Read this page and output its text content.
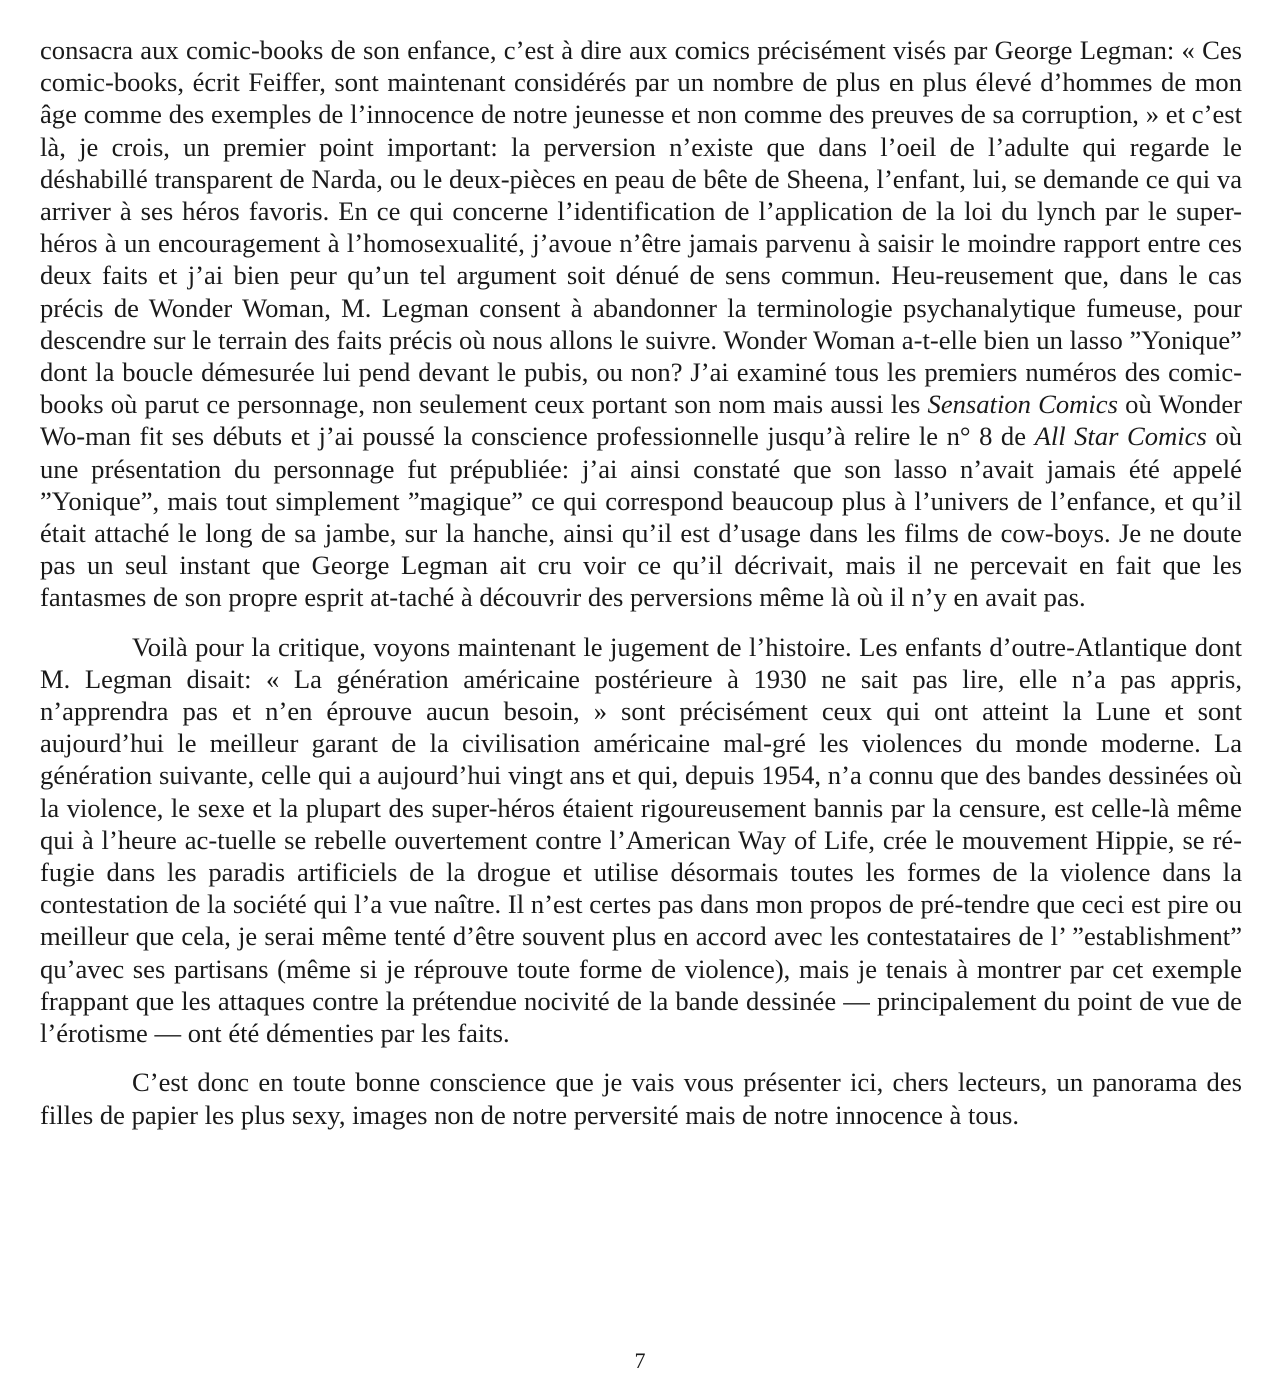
consacra aux comic-books de son enfance, c’est à dire aux comics précisément visés par George Legman: « Ces comic-books, écrit Feiffer, sont maintenant considérés par un nombre de plus en plus élevé d’hommes de mon âge comme des exemples de l’innocence de notre jeunesse et non comme des preuves de sa corruption, » et c’est là, je crois, un premier point important: la perversion n’existe que dans l’oeil de l’adulte qui regarde le déshabillé transparent de Narda, ou le deux-pièces en peau de bête de Sheena, l’enfant, lui, se demande ce qui va arriver à ses héros favoris. En ce qui concerne l’identification de l’application de la loi du lynch par le super-héros à un encouragement à l’homosexualité, j’avoue n’être jamais parvenu à saisir le moindre rapport entre ces deux faits et j’ai bien peur qu’un tel argument soit dénué de sens commun. Heu-reusement que, dans le cas précis de Wonder Woman, M. Legman consent à abandonner la terminologie psychanalytique fumeuse, pour descendre sur le terrain des faits précis où nous allons le suivre. Wonder Woman a-t-elle bien un lasso ”Yonique” dont la boucle démesurée lui pend devant le pubis, ou non? J’ai examiné tous les premiers numéros des comic-books où parut ce personnage, non seulement ceux portant son nom mais aussi les Sensation Comics où Wonder Wo-man fit ses débuts et j’ai poussé la conscience professionnelle jusqu’à relire le n° 8 de All Star Comics où une présentation du personnage fut prépubliée: j’ai ainsi constaté que son lasso n’avait jamais été appelé ”Yonique”, mais tout simplement ”magique” ce qui correspond beaucoup plus à l’univers de l’enfance, et qu’il était attaché le long de sa jambe, sur la hanche, ainsi qu’il est d’usage dans les films de cow-boys. Je ne doute pas un seul instant que George Legman ait cru voir ce qu’il décrivait, mais il ne percevait en fait que les fantasmes de son propre esprit at-taché à découvrir des perversions même là où il n’y en avait pas.

Voilà pour la critique, voyons maintenant le jugement de l’histoire. Les enfants d’outre-Atlantique dont M. Legman disait: « La génération américaine postérieure à 1930 ne sait pas lire, elle n’a pas appris, n’apprendra pas et n’en éprouve aucun besoin, » sont précisément ceux qui ont atteint la Lune et sont aujourd’hui le meilleur garant de la civilisation américaine mal-gré les violences du monde moderne. La génération suivante, celle qui a aujourd’hui vingt ans et qui, depuis 1954, n’a connu que des bandes dessinées où la violence, le sexe et la plupart des super-héros étaient rigoureusement bannis par la censure, est celle-là même qui à l’heure ac-tuelle se rebelle ouvertement contre l’American Way of Life, crée le mouvement Hippie, se ré-fugie dans les paradis artificiels de la drogue et utilise désormais toutes les formes de la violence dans la contestation de la société qui l’a vue naître. Il n’est certes pas dans mon propos de pré-tendre que ceci est pire ou meilleur que cela, je serai même tenté d’être souvent plus en accord avec les contestataires de l’ ”establishment” qu’avec ses partisans (même si je réprouve toute forme de violence), mais je tenais à montrer par cet exemple frappant que les attaques contre la prétendue nocivité de la bande dessinée — principalement du point de vue de l’érotisme — ont été démenties par les faits.

C’est donc en toute bonne conscience que je vais vous présenter ici, chers lecteurs, un panorama des filles de papier les plus sexy, images non de notre perversité mais de notre innocence à tous.

7
